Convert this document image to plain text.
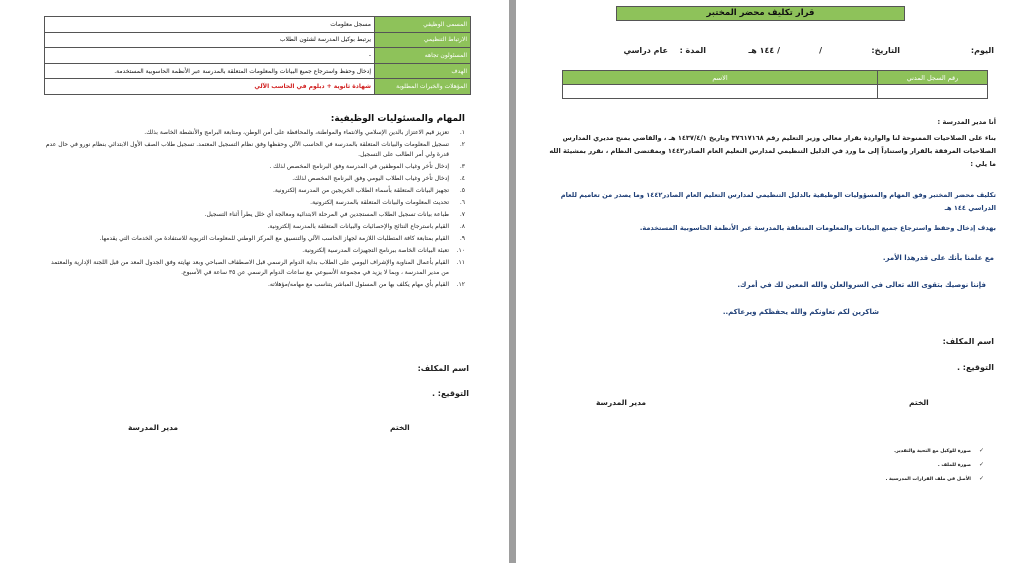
المسمى الوظيفي	مسجل معلومات
الارتباط التنظيمي	يرتبط بوكيل المدرسة لشئون الطلاب
المسئولون تجاهه	-
الهدف	إدخال وحفظ واسترجاع جميع البيانات والمعلومات المتعلقة بالمدرسة عبر الأنظمة الحاسوبية المستخدمة.
المؤهلات والخبرات المطلوبة	شهادة ثانوية + دبلوم في الحاسب الآلي
المهام والمسئوليات الوظيفية:
١.
تعزيز قيم الاعتزاز بالدين الإسلامي والانتماء والمواطنة، والمحافظة على أمن الوطن، ومتابعة البرامج والأنشطة الخاصة بذلك.
٢.
تسجيل المعلومات والبيانات المتعلقة بالمدرسة في الحاسب الآلي وحفظها وفق نظام التسجيل المعتمد. تسجيل طلاب الصف الأول الابتدائي بنظام نورو في حال عدم قدرة ولي أمر الطالب على التسجيل.
٣.
إدخال تأخر وغياب الموظفين في المدرسة وفق البرنامج المخصص لذلك .
٤.
إدخال تأخر وغياب الطلاب اليومي وفق البرنامج المخصص لذلك.
٥.
تجهيز البيانات المتعلقة بأسماء الطلاب الخريجين من المدرسة إلكترونية.
٦.
تحديث المعلومات والبيانات المتعلقة بالمدرسة إلكترونية.
٧.
طباعة بيانات تسجيل الطلاب المستجدين في المرحلة الابتدائية ومعالجة أي خلل يطرأ أثناء التسجيل.
٨.
القيام باسترجاع النتائج والإحصائيات والبيانات المتعلقة بالمدرسة إلكترونية.
٩.
القيام بمتابعة كافة المتطلبات اللازمة لجهاز الحاسب الآلي والتنسيق مع المركز الوطني للمعلومات التربوية للاستفادة من الخدمات التي يقدمها.
١٠.
تعبئة البيانات الخاصة ببرنامج التجهيزات المدرسية إلكترونية.
١١.
القيام بأعمال المناوبة والإشراف اليومي على الطلاب بداية الدوام الرسمي قبل الاصطفاف الصباحي وبعد نهايته وفق الجدول المعد من قبل اللجنة الإدارية والمعتمد من مدير المدرسة ، وبما لا يزيد في مجموعة الأسبوعي مع ساعات الدوام الرسمي عن ٣٥ ساعة في الأسبوع.
١٢.
القيام بأي مهام يكلف بها من المسئول المباشر يتناسب مع مهامه/مؤهلاته.
اسم المكلف:
التوقيع: .
الختم
مدير المدرسة
قرار تكليف محضر المختبر
اليوم:
التاريخ:
/
/ ١٤٤ هـ
المدة :
عام دراسي
رقم السجل المدني	الاسم

أنا مدير المدرسة :
بناء على الصلاحيات الممنوحة لنا والواردة بقرار معالي وزير التعليم رقم ٣٧٦١٧١٦٨ وتاريخ ١٤٣٧/٤/١ هـ ، والقاضي بمنح مديري المدارس الصلاحيات المرفقة بالقرار واستناداً إلى ما ورد في الدليل التنظيمي لمدارس التعليم العام الصادر١٤٤٢ وبمقتضى النظام ، نقرر بمشيئة الله ما يلي :
تكليف محضر المختبر وفق المهام والمسؤوليات الوظيفية بالدليل التنظيمي لمدارس التعليم العام الصادر١٤٤٢ وما يصدر من تعاميم للعام الدراسي ١٤٤ هـ
بهدف إدخال وحفظ واسترجاع جميع البيانات والمعلومات المتعلقة بالمدرسة عبر الأنظمة الحاسوبية المستخدمة.
مع علمنا بأنك على قدرهذا الأمر.
فإننا نوصيك بتقوى الله تعالى في السروالعلن والله المعين لك في أمرك.
شاكرين لكم تعاونكم والله يحفظكم ويرعاكم..
اسم المكلف:
التوقيع: .
الختم
مدير المدرسة
✓صورة للوكيل مع التحية والتقدير.
✓صورة للملف .
✓الأصل في ملف القرارات المدرسية .
